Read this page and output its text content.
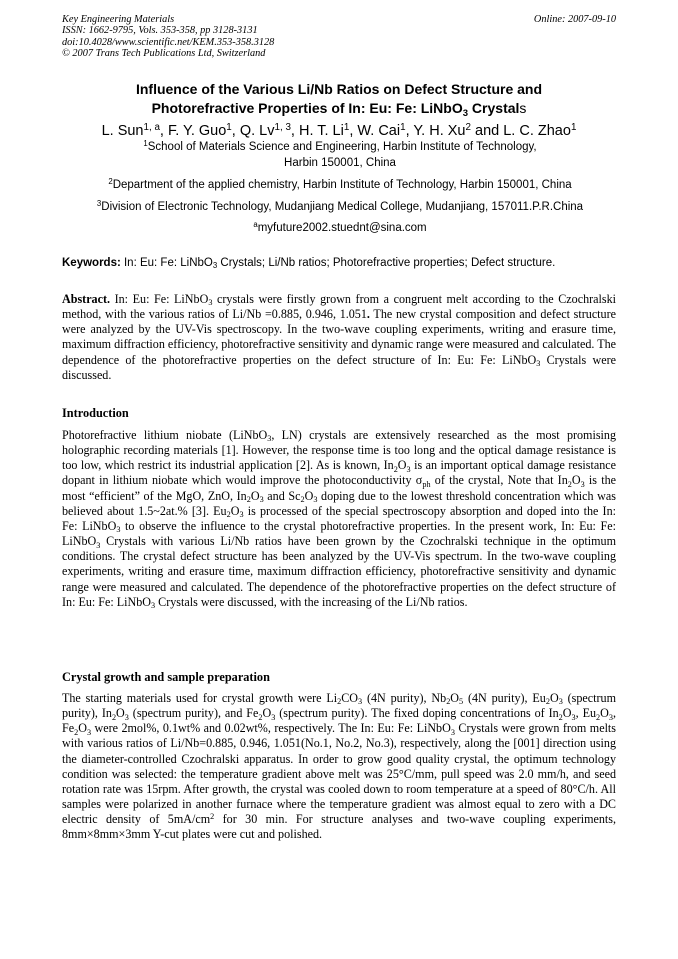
Key Engineering Materials
ISSN: 1662-9795, Vols. 353-358, pp 3128-3131
doi:10.4028/www.scientific.net/KEM.353-358.3128
© 2007 Trans Tech Publications Ltd, Switzerland
Online: 2007-09-10
Influence of the Various Li/Nb Ratios on Defect Structure and
Photorefractive Properties of In: Eu: Fe: LiNbO$_3$ Crystals
L. Sun$^{1, a}$, F. Y. Guo$^1$, Q. Lv$^{1, 3}$, H. T. Li$^1$, W. Cai$^1$, Y. H. Xu$^2$ and L. C. Zhao$^1$
$^1$School of Materials Science and Engineering, Harbin Institute of Technology,
Harbin 150001, China
$^2$Department of the applied chemistry, Harbin Institute of Technology, Harbin 150001, China
$^3$Division of Electronic Technology, Mudanjiang Medical College, Mudanjiang, 157011.P.R.China
$^a$myfuture2002.stuednt@sina.com
Keywords: In: Eu: Fe: LiNbO$_3$ Crystals; Li/Nb ratios; Photorefractive properties; Defect structure.
Abstract. In: Eu: Fe: LiNbO$_3$ crystals were firstly grown from a congruent melt according to the Czochralski method, with the various ratios of Li/Nb =0.885, 0.946, 1.051. The new crystal composition and defect structure were analyzed by the UV-Vis spectroscopy. In the two-wave coupling experiments, writing and erasure time, maximum diffraction efficiency, photorefractive sensitivity and dynamic range were measured and calculated. The dependence of the photorefractive properties on the defect structure of In: Eu: Fe: LiNbO$_3$ Crystals were discussed.
Introduction
Photorefractive lithium niobate (LiNbO$_3$, LN) crystals are extensively researched as the most promising holographic recording materials [1]. However, the response time is too long and the optical damage resistance is too low, which restrict its industrial application [2]. As is known, $In_2O_3$ is an important optical damage resistance dopant in lithium niobate which would improve the photoconductivity $\sigma_{ph}$ of the crystal, Note that $In_2O_3$ is the most “efficient” of the MgO, ZnO, $In_2O_3$ and $Sc_2O_3$ doping due to the lowest threshold concentration which was believed about 1.5~2at.% [3]. $Eu_2O_3$ is processed of the special spectroscopy absorption and doped into the In: Fe: LiNbO$_3$ to observe the influence to the crystal photorefractive properties. In the present work, In: Eu: Fe: LiNbO$_3$ Crystals with various Li/Nb ratios have been grown by the Czochralski technique in the optimum conditions. The crystal defect structure has been analyzed by the UV-Vis spectrum. In the two-wave coupling experiments, writing and erasure time, maximum diffraction efficiency, photorefractive sensitivity and dynamic range were measured and calculated. The dependence of the photorefractive properties on the defect structure of In: Eu: Fe: LiNbO$_3$ Crystals were discussed, with the increasing of the Li/Nb ratios.
Crystal growth and sample preparation
The starting materials used for crystal growth were $Li_2CO_3$ (4N purity), $Nb_2O_5$ (4N purity), $Eu_2O_3$ (spectrum purity), $In_2O_3$ (spectrum purity), and $Fe_2O_3$ (spectrum purity). The fixed doping concentrations of $In_2O_3$, $Eu_2O_3$, $Fe_2O_3$ were 2mol%, 0.1wt% and 0.02wt%, respectively. The In: Eu: Fe: LiNbO$_3$ Crystals were grown from melts with various ratios of Li/Nb=0.885, 0.946, 1.051(No.1, No.2, No.3), respectively, along the [001] direction using the diameter-controlled Czochralski apparatus. In order to grow good quality crystal, the optimum technology condition was selected: the temperature gradient above melt was 25°C/mm, pull speed was 2.0 mm/h, and seed rotation rate was 15rpm. After growth, the crystal was cooled down to room temperature at a speed of 80°C/h. All samples were polarized in another furnace where the temperature gradient was almost equal to zero with a DC electric density of $5mA/cm^2$ for 30 min. For structure analyses and two-wave coupling experiments, 8mm×8mm×3mm Y-cut plates were cut and polished.
